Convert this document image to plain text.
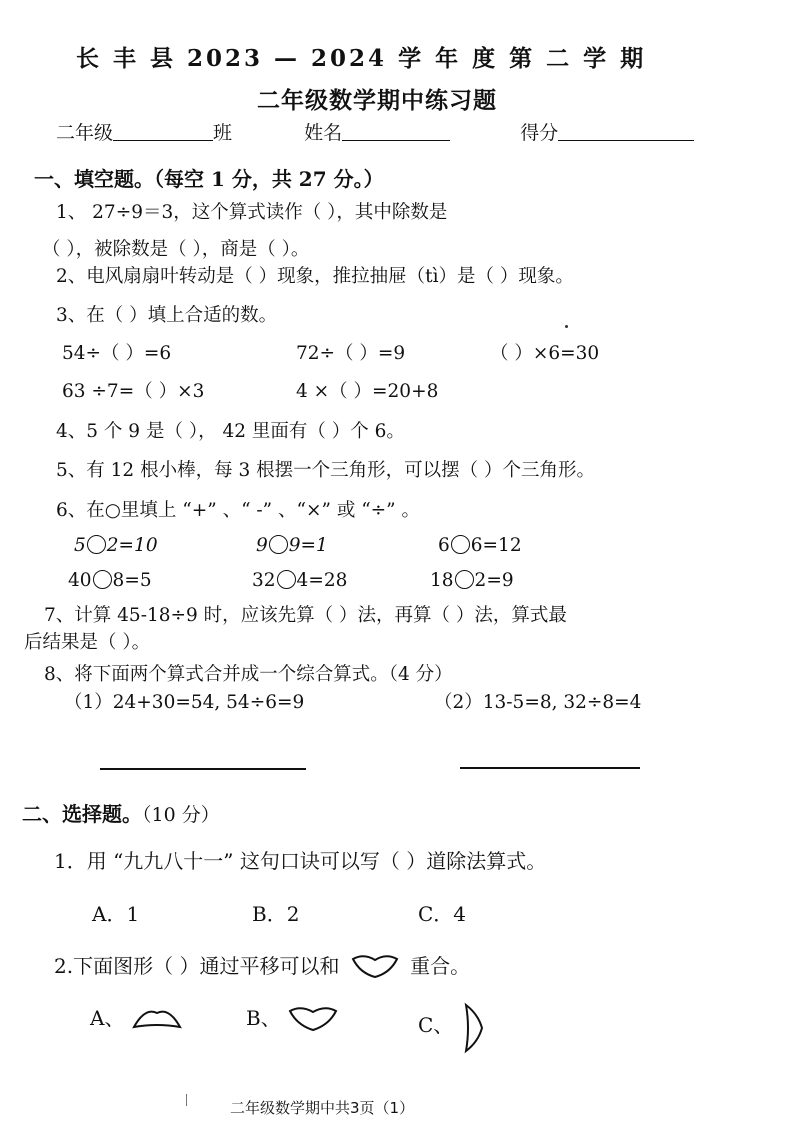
长 丰 县 2023 — 2024 学 年 度 第 二 学 期
二年级数学期中练习题
二年级	班	姓名	得分
一、填空题。（每空 1 分，共 27 分。）
1、 27÷9＝3，这个算式读作（ ），其中除数是
（ ），被除数是（ ），商是（ ）。
2、电风扇扇叶转动是（ ）现象，推拉抽屉（tì）是（ ）现象。
3、在（ ）填上合适的数。
54÷（ ）=6	72÷（ ）=9	（ ）×6=30
63 ÷7=（ ）×3	4 ×（ ）=20+8
4、5 个 9 是（ ）， 42 里面有（ ）个 6。
5、有 12 根小棒，每 3 根摆一个三角形，可以摆（ ）个三角形。
6、在○里填上 “+” 、“ -” 、“×” 或 “÷” 。
5 2=10	9 9=1	6 6=12
40 8=5	32 4=28	18 2=9
7、计算 45-18÷9 时，应该先算（ ）法，再算（ ）法，算式最
后结果是（ ）。
8、将下面两个算式合并成一个综合算式。（4 分）
（1）24+30=54, 54÷6=9	（2）13-5=8, 32÷8=4
二、选择题。（10 分）
1．用 “九九八十一” 这句口诀可以写（ ）道除法算式。
A．1	B．2	C．4
2.下面图形（ ）通过平移可以和	重合。
A、	B、	C、
二年级数学期中共3页（1）
